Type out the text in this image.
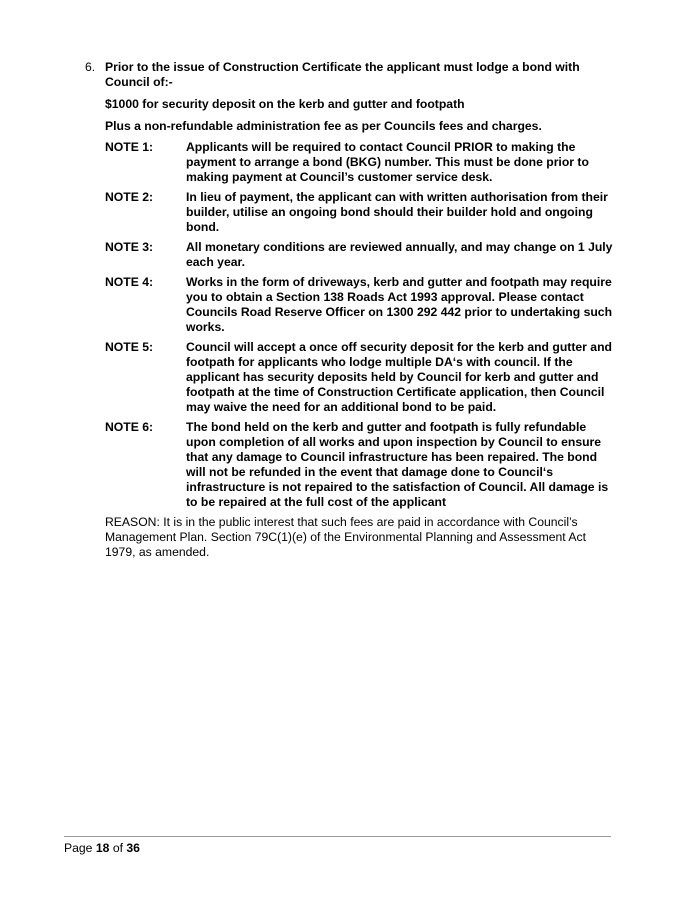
6. Prior to the issue of Construction Certificate the applicant must lodge a bond with Council of:-
$1000 for security deposit on the kerb and gutter and footpath
Plus a non-refundable administration fee as per Councils fees and charges.
NOTE 1:	Applicants will be required to contact Council PRIOR to making the payment to arrange a bond (BKG) number. This must be done prior to making payment at Council’s customer service desk.
NOTE 2:	In lieu of payment, the applicant can with written authorisation from their builder, utilise an ongoing bond should their builder hold and ongoing bond.
NOTE 3:	All monetary conditions are reviewed annually, and may change on 1 July each year.
NOTE 4:	Works in the form of driveways, kerb and gutter and footpath may require you to obtain a Section 138 Roads Act 1993 approval. Please contact Councils Road Reserve Officer on 1300 292 442 prior to undertaking such works.
NOTE 5:	Council will accept a once off security deposit for the kerb and gutter and footpath for applicants who lodge multiple DA‘s with council. If the applicant has security deposits held by Council for kerb and gutter and footpath at the time of Construction Certificate application, then Council may waive the need for an additional bond to be paid.
NOTE 6:	The bond held on the kerb and gutter and footpath is fully refundable upon completion of all works and upon inspection by Council to ensure that any damage to Council infrastructure has been repaired. The bond will not be refunded in the event that damage done to Council‘s infrastructure is not repaired to the satisfaction of Council. All damage is to be repaired at the full cost of the applicant
REASON: It is in the public interest that such fees are paid in accordance with Council’s Management Plan. Section 79C(1)(e) of the Environmental Planning and Assessment Act 1979, as amended.
Page 18 of 36
